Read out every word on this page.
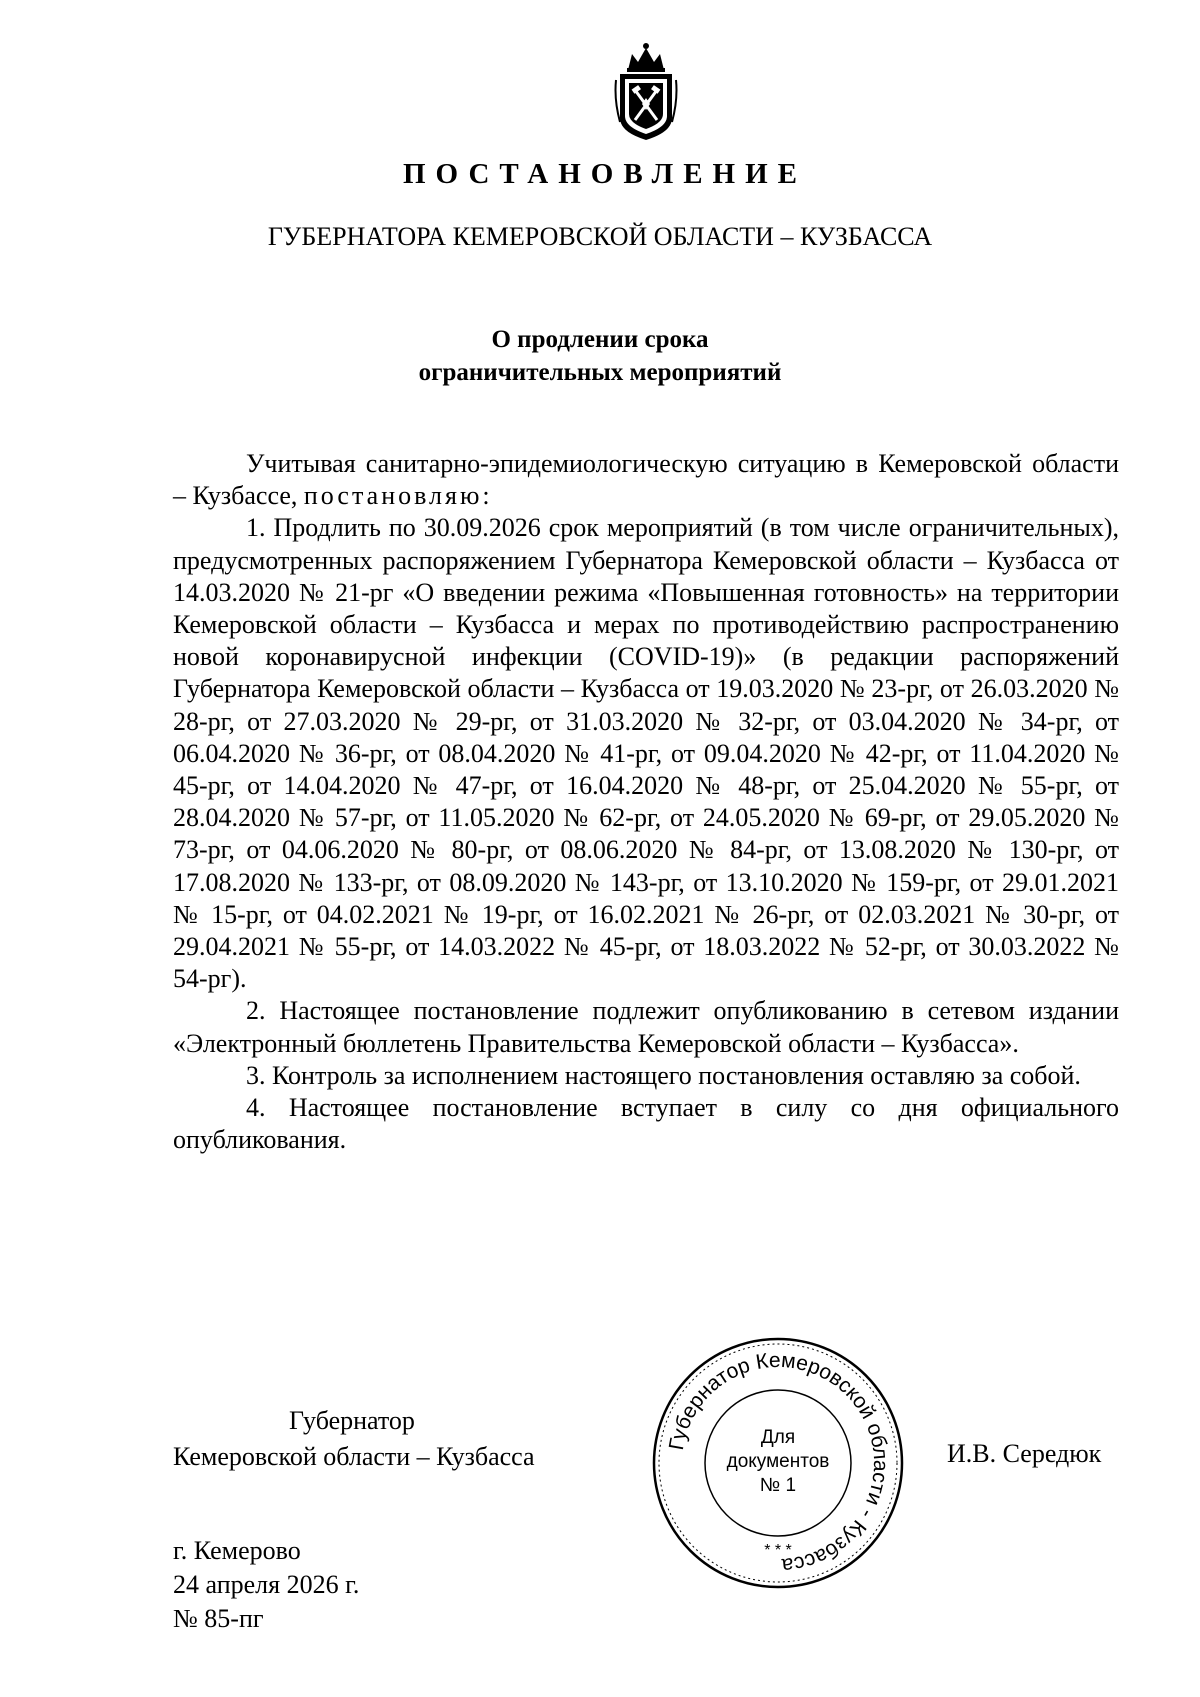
ПОСТАНОВЛЕНИЕ
ГУБЕРНАТОРА КЕМЕРОВСКОЙ ОБЛАСТИ – КУЗБАССА
О продлении срока
ограничительных мероприятий

Учитывая санитарно-эпидемиологическую ситуацию в Кемеровской области – Кузбассе, постановляю:

1. Продлить по 30.09.2026 срок мероприятий (в том числе ограничительных), предусмотренных распоряжением Губернатора Кемеровской области – Кузбасса от 14.03.2020 № 21-рг «О введении режима «Повышенная готовность» на территории Кемеровской области – Кузбасса и мерах по противодействию распространению новой коронавирусной инфекции (COVID-19)» (в редакции распоряжений Губернатора Кемеровской области – Кузбасса от 19.03.2020 № 23-рг, от 26.03.2020 № 28-рг, от 27.03.2020 № 29-рг, от 31.03.2020 № 32-рг, от 03.04.2020 № 34-рг, от 06.04.2020 № 36-рг, от 08.04.2020 № 41-рг, от 09.04.2020 № 42-рг, от 11.04.2020 № 45-рг, от 14.04.2020 № 47-рг, от 16.04.2020 № 48-рг, от 25.04.2020 № 55-рг, от 28.04.2020 № 57-рг, от 11.05.2020 № 62-рг, от 24.05.2020 № 69-рг, от 29.05.2020 № 73-рг, от 04.06.2020 № 80-рг, от 08.06.2020 № 84-рг, от 13.08.2020 № 130-рг, от 17.08.2020 № 133-рг, от 08.09.2020 № 143-рг, от 13.10.2020 № 159-рг, от 29.01.2021 № 15-рг, от 04.02.2021 № 19-рг, от 16.02.2021 № 26-рг, от 02.03.2021 № 30-рг, от 29.04.2021 № 55-рг, от 14.03.2022 № 45-рг, от 18.03.2022 № 52-рг, от 30.03.2022 № 54-рг).

2. Настоящее постановление подлежит опубликованию в сетевом издании «Электронный бюллетень Правительства Кемеровской области – Кузбасса».

3. Контроль за исполнением настоящего постановления оставляю за собой.

4. Настоящее постановление вступает в силу со дня официального опубликования.

Губернатор
Кемеровской области – Кузбасса	Губернатор Кемеровской области - Кузбасса
Для
документов
№ 1
* * *
И.В. Середюк
г. Кемерово
24 апреля 2026 г.
№ 85-пг
